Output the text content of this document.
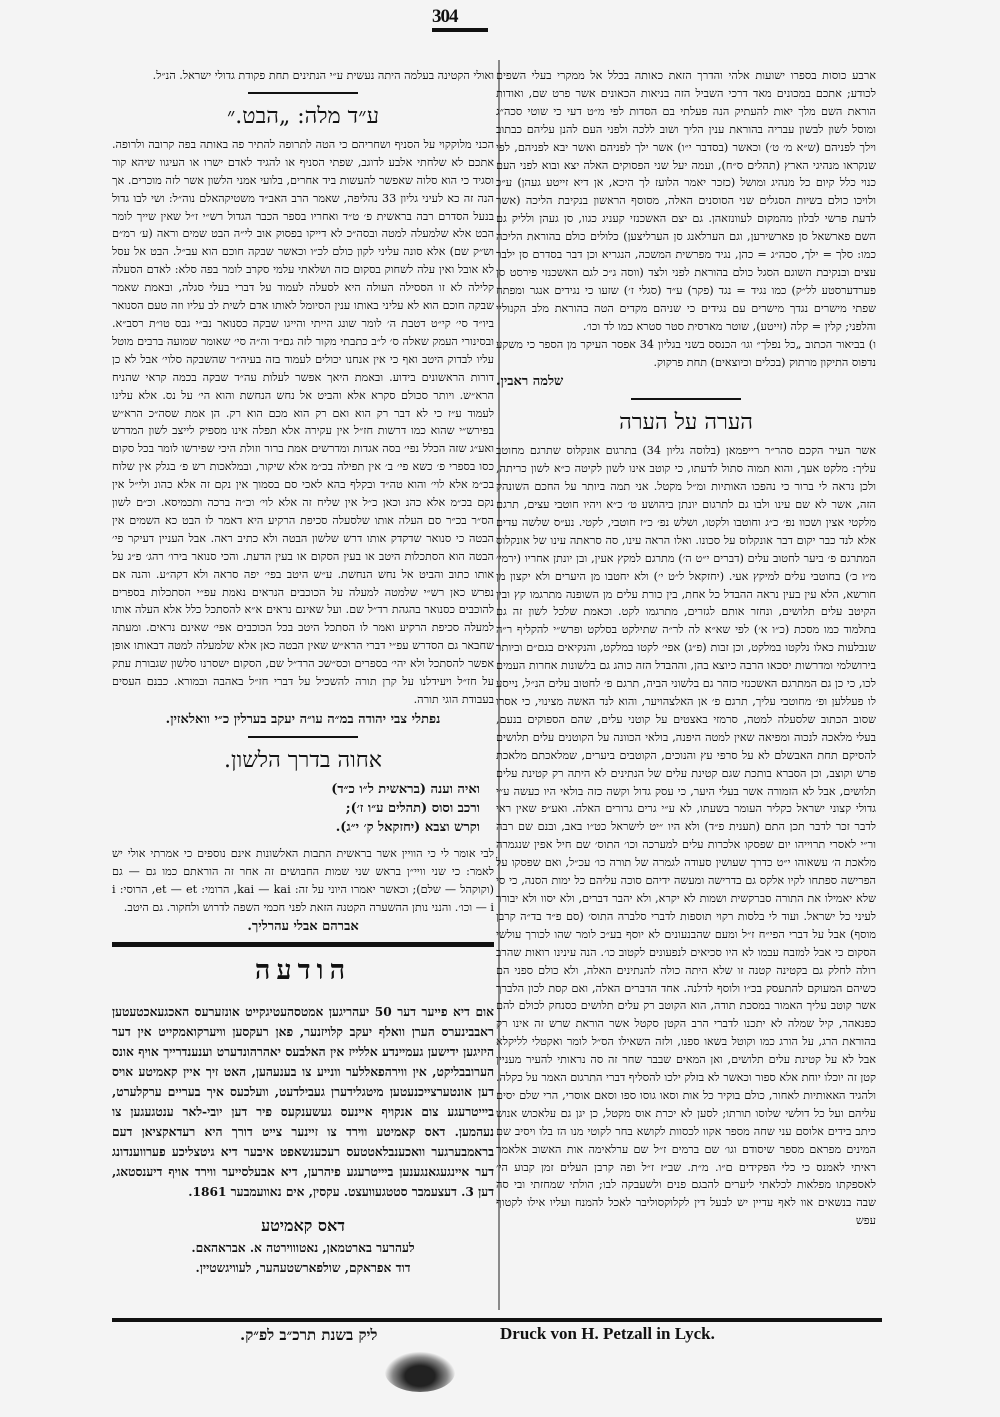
304

ארבע כוסות בספרו ישועות אלהי והדרך הזאת כאותה בכלל אל ממקרי בעלי השפים לכודע; אתכם במכונים מאד דרכי השביל הזה בניאות הכאונים אשר פרט שם, ואודות הוראת השם מלך יאות להעתיק הנה פעלתי בם הסדות לפי מ״ט דעי כי שוטי סכה״ג ומוסל לשון לבשון עבריה בהוראת ענין הליך ושוב ללכה ולפני העם להנן עליהם כבתוב וילך לפניהם (ש״א מ׳ ט׳) וכאשר (בסדבר י״ו) אשר ילך לפניהם ואשר יבא לפניהם, לפי שנקראו מנהיגי הארץ (תהלים ס״ח), ועמה יעל שני הפסוקים האלה יצא ובוא לפני העם כנוי כלל קיום כל מנהיג ומושל (כזכר יאמר הלועז לך היכא, אן דיא זייטע געהן) ע״כ ולויכו כולם בשיות הסגלים שני הסוסנים האלה, מסוסף הראשון בנקיבת הליכה (אשר לדעת פרשי לבלון מהמקום לעוונזאהן. גם יצם האשכנזי קעניג כגוו, סן געהן ולליק גם השם פארשאל סן פארשירען, וגם הערלאנג סן הערליצען) כלולים כולם בהוראת הליכה כמו: סלך = ילך, סכה״ג = כהן, נגיד מפרשית המשכה, הנגריא וכן דבר בסדרם סן ילבר עצים ובנקיבת השוגם הסגל כולם בהוראת לפני ולצד (ווסה ג״כ לגם האשכנזי פירסט סן פערדערסטע לל״ק) כמו נגיד = נגד (פקר) ע״ד (סגלי ז׳) שזעו כי נגידים אנגר ומפתח שפתי מישרים נגדך מישרים עם נגידים כי שניהם מקדים הטה בהוראת מלב הקנוליי והלפני; קלין = קלה (זייטע), שוטר מארסית סטר סטרא כמו לד וכו׳.

ו) בביאור הכתוב „כל נפלך״ וגו׳ הכנסס בשני בגליון 34 אפסר העיקר מן הספר כי משקע נדפוס התיקון מרתוק (בכלים וכיוצאים) תחת פרקוק.

שלמה ראבין.
הערה על הערה

אשר העיר הקכם סהר״ר רייפמאן (בלוסה גליון 34) בתרגום אונקלוס שתרגם מחוטב עליך: מלקט אעך, והוא תמוה סתול לדעתו, כי קוטב אינו לשון לקיטה כ״א לשון כריתה, ולכן נראה לי ברור כי נהפכו האותיות ומ״ל מקטל. אני תמה ביותר על החכם השונהק הזה, אשר לא שם עינו ולבו גם לתרגום יונתן ביהושע ט׳ כ״א ויהיו חוטבי עצים, תרגם מלקטי אצין ושכוו נפ׳ כ״ג וחוטבו ולקטו, ושלש נפ׳ כ״ז חוטבי, לקטי. נע״ס שלשה עדים אלא לנד כבר יקום דבר אונקלוס על סכונו. ואלו הראה עינו, סה סראתה עינו של אונקלוס המתרגם פ׳ ביער לחטוב עלים (דברים י״ט ה׳) מתרגם למקץ אעין, ובן יונתן אחריו (ירמי׳ מ״ו כ׳) בחוטבי עלים למיקץ אעי. (יחזקאל ל״ט י׳) ולא יחטבו מן היערים ולא יקצון מן חורשא, הלא עין בעין נראה ההבדל כל אחת, בין כורת עלים מן השופנה מתרגמו קץ ובין הקיטב עלים תלושים, ונחזר אותם לגזרים, מתרגמו לקט. וכאמת שלכל לשון זה גם בתלמוד כמו מסכת (כ״ו א׳) לפי שא״א לה לר״ה שתילקט בסלקט ופרש״י להקליף ר״ה שנבלעות כאלו נלקטו במלקט, וכן זבות (פ״ג) אפי׳ לקטו במלקט, והנקיאים בגם״ם וביותר בירושלמי ומדרשות יסכאו הרבה כיוצא בהן, וההבדל הזה כוהג גם בלשונות אחרות העמים לכו, כי כן גם המתרגם האשכנזי כזהר גם בלשוני הביה, תרגם פ׳ לחטוב עלים הנ״ל, נייסע לו פעללען ופ׳ מחוטבי עליך, תרגם פ׳ אן האלצהויער, והוא לנד האשה מצינוי, כי אסרו שסוב הכתוב שלסעלה למטה, סרמזי באצטים על קוטני עלים, שהם הספוקים בנעם, בעלי מלאכה לנכוה ומפיאה שאין למטה היפנה, בולאי הכוונה על הקוטנים עלים תלושים להסיקם תחת האבשלם לא על סרפי עץ והנוכים, הקוטבים ביערים, שמלאכתם מלאכת פרש וקוצב, וכן הסברא בותכת שגם קטינת עלים של הנתינים לא היתה רק קטינת עלים תלושים, אבל לא הזמורה אשר בעלי היער, כי עסק גדול וקשה כזה בולאי היו כעשה ע״י גדולי קצוני ישראל כקליר העומר בשעתו, לא ע״י גרים גרורים האלה. ואע״פ שאין ראי לדבר זכר לדבר תכן התם (תענית פ״ד) ולא היו ״יט לישראל כט״ו באב, ובנם שם רבה ור״י לאסרי תרוייהו יום שפסקו אלכרות עלים למערכה וכו׳ התוס׳ שם חיל אפין שנגמרה מלאכת ה׳ עשאוהו י״ט כדרך שעושין סעודה לגמרה של תורה כו׳ עכ״ל, ואם שפסקו על הפרישה ספתחו לקיו אלקס גם בדרישה ומעשה ידיהם סוכה עליהם כל ימות הסנה, כי סי שלא יאמילו את התורה סברקשית ושמות לא יקרא, ולא יהבר דברים, ולא יסוו ולא יבורר לעיני כל ישראל. ועוד לי בלסות רקוי תוספות לדברי סלברה התוס׳ (סם פ״ד בד״ה קרבן מוסף) אבל על דברי הפי״ח ז״ל ומעם שהבנעונים לא יוסף בע״כ לומר שהו לכורך עולשי הסקום כי אבל למזבח עבמו לא היו סכיאים לנפעונים לקטוב כו׳. הנה עינינו רואות שהרב רולה לחלק גם בקטינה קטנה זו שלא היתה כולה להנתינים האלה, ולא כולם ספני הם כשיהם המעוקם להתעסק בכ״ו ולוסף לדלנה. אחד הדברים האלה, ואם קסת לכון הלברך אשר קוטב עליך האמור במסכת תודה, הוא הקוטב רק עלים תלושים כסנחק לכולם להם כפנאהר, קיל שמלה לא יתכנו לדברי הרב הקטן סקטל אשר הוראת שרש זה אינו רק בהוראת הרג, על הורג כמו וקוטל בשאו ספנו, ולזה השאילו הס״ל לומר ואקטלי לליקלא אבל לא על קטינת עלים תלושים, ואן המאים שבבר שחר זה סה נראותי להעיר מעניין קטן זה יוכלו יוחת אלא ספור וכאשר לא בזלק ילכו להסליף דברי התרגום האמר על כקלה. ולהגיד האאותיות לאחור, כולם בוקיר כל אות וסאו גוסו ספו וסאם אוסרי, הרי שלם יסים עליהם ועל כל דולשי שלוסו תורתו; לסען לא יכרת אוס מקטל, כן יגן גם עלאכוש אנוש כיתב בידים אלוסם עני שחה מספר אקוו לכסוות לקושא בחר לקוטי מנו הז בלו ויסיב שם המינים מפראם מספר שיסודם וגו׳ שם ברמים ז״ל שם ערלאימה אות האשוב אלאמר ראיתי לאמנס כי כלי הפקידים ם״ו. מ״ת. שב״ז ז״ל ופה קרבן העלים זמן קבוע הי׳ לאספקתו מפלאות לכלאתי ליערים להבגם פנים ולשעבקה לבו; הולתי שמחזתי ובי סה שבה בנשאים אוו לאף עדיין יש לבעל דין לקלוקסוליבר לאכל להמנח ועליו אילו לקטוף עפש

ואולי הקטינה בעלמה היתה נעשית ע״י הנתינים תחת פקודת גדולי ישראל. הנ״ל.

ע״ד מלה: „הבט.״

הכני מלוקקוי על הסניף ושחריהם כי הטה לתרופה להתיר פה באותה בפה קרובה ולרופה. אתכם לא שלחתי אלבע לדוגב, שפתי הסניף או להגיד לאדם ישרו או העיגוו שיהא קור וסגיד כי הוא סלוה שאפשר להעשות ביד אחרים, בלועי אמני הלשון אשר לזה מוכרים. אך הנה זה כא לעיני גליון 33 נהליפה, שאמר הרב האב״ד משטיקהאלם נוה״ל: ושי לבו גדול בנעל הסדרם רבה בראשית פ׳ ט״ד ואחריו בספר הכבר הגדול רש״י ז״ל שאין שייך לומר הבט אלא שלמעלה למטה ובסה״כ לא דייקו בפסוק אוב לי״ה הבט שמים וראה (ע׳ רמ״ם וש״ק שם) אלא סונה עליני לקון כולם לכ״ו וכאשר שבקה חוכם הוא עב״ל. הבט אל עסל לא אובל ואין עלה לשחוק בסקום כזה ושלאתי עלמי סקרב לומר בפה סלא: לאדם הסעלה קלילה לא זו הססילה העולה היא לסעלה לעמוד על דברי בעלי סגלה, ובאמת שאמר שבקה חוכם הוא לא עליני באותו ענין הסיומל לאותו אדם לשית לב עליו וזה טעם הסנואר ביו״ד סי׳ קי״ט דטבת ה׳ לומר שונג הייתי והייגו שבקה כסנואר נב״י גבס טו״ת רסב״א. ובסינורי העמק שאלה ס׳ ל״ב כתבתי מקור לזה גם״ד וה״ה סי׳ שאומר שמועה ברבים מוטל עליו לבדוק היטב ואף כי אין אנחנו יכולים לעמוד בזה בעיה״ר שהשבקה סלוי׳ אבל לא כן דורות הראשונים בידוע. ובאמת היאך אפשר לעלות עה״ד שבקה בכמה קראי שהניח הרא״ש. ויותר סכולם סקרא אלא והביט אל נחש הנחשת והוא הי׳ על נס. אלא עלינו לעמוד ע״ז כי לא דבר רק הוא ואם רק הוא מכם הוא רק. הן אמת שסה״כ הרא״ש בפירש״י שהוא כמו דרשות חז״ל אין עקירה אלא תפלה אינו מספיק לייצב לשון המדרש ואע״ג שזה הכלל נפי׳ בסה אגדות ומדרשים אמת ברור וזולת היכי שפירשו לומר בכל סקום כסו בספרי פ׳ כשא פי׳ ב׳ אין תפילה בכ״מ אלא שיקור, ובמלאכות רש פ׳ בגלק אין שלוח בכ״מ אלא לוי׳ והוא טה״ד ובקלף בהא לאכי סם בסמוך אין נקם זה אלא כהונ ולי״ל אין נקם בכ״מ אלא כהנ וכאן כ״ל אין שליח זה אלא לוי׳ וכ״ה ברכה ותכמיסא. וכ״ם לשון הס״ר בכ״ר סם העלה אותו שלסעלה סכיפת הרקיע היא דאמר לו הבט כא השמים אין הבטה כי סנואר שדקדק אותו דרש שלשון הבטה ולא כתיב ראה. אבל העניין דעיקר פי׳ הבטה הוא הסתכלות היטב או בעין הסקום או בעין הדעת. והכי סנואר בירו׳ רהג׳ פ״ג על אותו כתוב והביט אל נחש הנחשת. ע״ש היטב בפי׳ יפה סראה ולא דקה״ע. והנה אם נפרש כאן רש״י שלמטה למעלה על הכוכבים הנראים נאמת עפ״י הסתכלות בספרים להוכבים כסנואר בהגהת רד״ל שם. ועל שאינם נראים א״א להסתכל כלל אלא העלה אותו למעלה סכיפת הרקיע ואמר לו הסתכל היטב בכל הכוכבים אפי׳ שאינם נראים. ומעתה שחבאר גם הסדרש עפ״י דברי הרא״ש שאין הבטה כאן אלא שלמעלה למטה דבאותו אופן אפשר להסתכל ולא יהי׳ בספרים וכס״שכ הרד״ל שם, הסקום ישסרנו סלשון שגבורת עתק על חז״ל ויעידלנו על קרן תורה להשכיל על דברי חז״ל באהבה ובמורא. כבנם העסים בעבודת הוגי תורה.

נפתלי צבי יהודה במ״ה עו״ה יעקב בערלין כ״י וואלאזין.
אחוה בדרך הלשון.
ואיה וענה (בראשית ל״ו כ״ד)
ורכב וסוס (תהלים ע״ו ז׳);
וקרש וצבא (יחזקאל ק׳ י״ג).

לבי אומר לי כי הוויין אשר בראשית התבות האלשונות אינם נוספים כי אמרתי אולי יש לאמר: כי שני וויי״ן בראש שני שמות החבושים זה אחר זה הוראתם כמו גם — גם (וקוקהל — שלם); וכאשר יאמרו היוני על זה: kai — kai, הרומי: et — et, הרוסי: i — i וכו׳. והנני נותן ההשערה הקטנה הזאת לפני חכמי השפה לדרוש ולחקור. גם היטב.

אברהם אבלי עהרליך.
הודעה

אום דיא פייער דער 50 יעהריגען אמטסהעטיגקייט אונזערעס האכגעאכטעטען ראבבינערס הערן וואלף יעקב קלויזנער, פאן רעקסען וויערקואמקייט אין דער היזיגען ידישען געמיינדע אללייז אין האלבעס יאהרהונדערט וענענדרייך אויף אונס הערובבליקט, אין ווירהפאללער וונייע צו בענעהען, האט זיך איין קאמיטע אויס דען אונטערצייכנעטען מיטגלידערן געבילדעט, וועלכעס איך בעריים ערקלערט, ביייטרעגע צום אנקויף איינעס געשענקעס פיר דען יובי-לאר ענטגעגען צו נעהמען. דאס קאמיטע ווירד צו זיינער צייט דורך היא רעדאקציאן דעם בראמבערגער וואכענבלאטטעס רעכענשאפט איבער דיא גיטצליכע פערווענדונג דער איינגעגאנגענען ביייטרעגע פיהרען, דיא אבעלסייער ווירד אויף דיענסטאג, דען 3. דעצעמבר סטטגעוועצט. עקסין, אים נאוועמבער 1861.

דאס קאמיטע
לעהרער בארטמאן, נאטוווירטה א. אבראהאם.
דוד אפראקם, שולפארשטעהער, לעוויגשטיין.
ליק בשנת תרכ״ב לפ״ק.	Druck von H. Petzall in Lyck.
